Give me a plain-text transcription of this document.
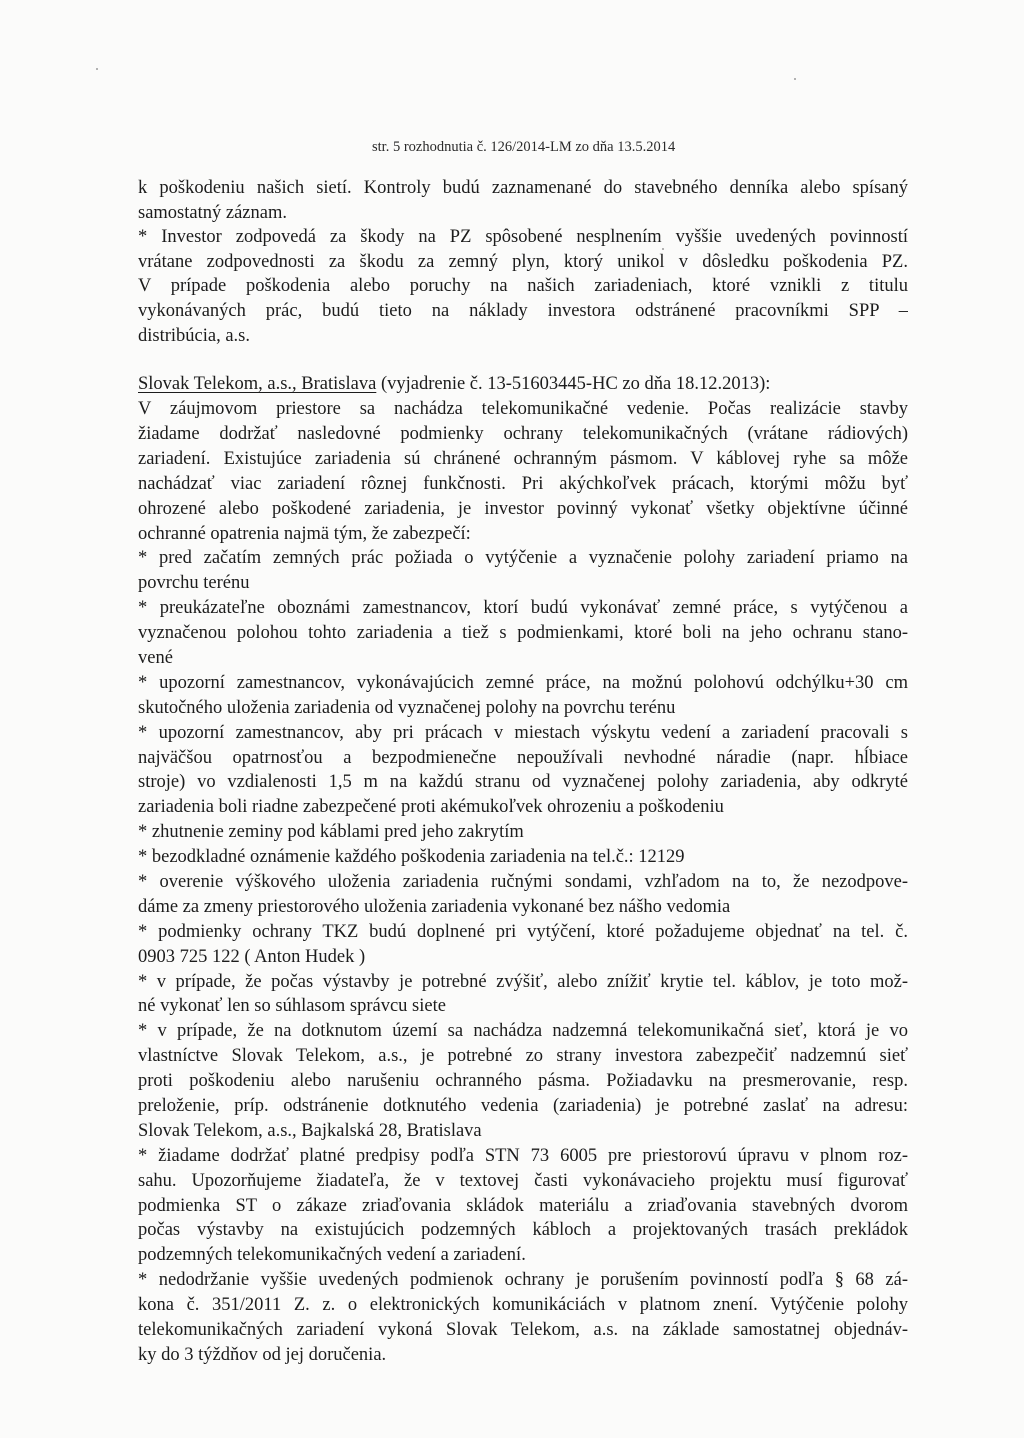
str. 5 rozhodnutia č. 126/2014-LM zo dňa 13.5.2014
k poškodeniu našich sietí. Kontroly budú zaznamenané do stavebného denníka alebo spísaný
samostatný záznam.
* Investor zodpovedá za škody na PZ spôsobené nesplnením vyššie uvedených povinností
vrátane zodpovednosti za škodu za zemný plyn, ktorý unikol v dôsledku poškodenia PZ.
V prípade poškodenia alebo poruchy na našich zariadeniach, ktoré vznikli z titulu
vykonávaných prác, budú tieto na náklady investora odstránené pracovníkmi SPP –
distribúcia, a.s.
Slovak Telekom, a.s., Bratislava (vyjadrenie č. 13-51603445-HC zo dňa 18.12.2013):
V záujmovom priestore sa nachádza telekomunikačné vedenie. Počas realizácie stavby
žiadame dodržať nasledovné podmienky ochrany telekomunikačných (vrátane rádiových)
zariadení. Existujúce zariadenia sú chránené ochranným pásmom. V káblovej ryhe sa môže
nachádzať viac zariadení rôznej funkčnosti. Pri akýchkoľvek prácach, ktorými môžu byť
ohrozené alebo poškodené zariadenia, je investor povinný vykonať všetky objektívne účinné
ochranné opatrenia najmä tým, že zabezpečí:
* pred začatím zemných prác požiada o vytýčenie a vyznačenie polohy zariadení priamo na
povrchu terénu
* preukázateľne oboznámi zamestnancov, ktorí budú vykonávať zemné práce, s vytýčenou a
vyznačenou polohou tohto zariadenia a tiež s podmienkami, ktoré boli na jeho ochranu stano-
vené
* upozorní zamestnancov, vykonávajúcich zemné práce, na možnú polohovú odchýlku+30 cm
skutočného uloženia zariadenia od vyznačenej polohy na povrchu terénu
* upozorní zamestnancov, aby pri prácach v miestach výskytu vedení a zariadení pracovali s
najväčšou opatrnosťou a bezpodmienečne nepoužívali nevhodné náradie (napr. hĺbiace
stroje) vo vzdialenosti 1,5 m na každú stranu od vyznačenej polohy zariadenia, aby odkryté
zariadenia boli riadne zabezpečené proti akémukoľvek ohrozeniu a poškodeniu
* zhutnenie zeminy pod káblami pred jeho zakrytím
* bezodkladné oznámenie každého poškodenia zariadenia na tel.č.: 12129
* overenie výškového uloženia zariadenia ručnými sondami, vzhľadom na to, že nezodpove-
dáme za zmeny priestorového uloženia zariadenia vykonané bez nášho vedomia
* podmienky ochrany TKZ budú doplnené pri vytýčení, ktoré požadujeme objednať na tel. č.
0903 725 122 ( Anton Hudek )
* v prípade, že počas výstavby je potrebné zvýšiť, alebo znížiť krytie tel. káblov, je toto mož-
né vykonať len so súhlasom správcu siete
* v prípade, že na dotknutom území sa nachádza nadzemná telekomunikačná sieť, ktorá je vo
vlastníctve Slovak Telekom, a.s., je potrebné zo strany investora zabezpečiť nadzemnú sieť
proti poškodeniu alebo narušeniu ochranného pásma. Požiadavku na presmerovanie, resp.
preloženie, príp. odstránenie dotknutého vedenia (zariadenia) je potrebné zaslať na adresu:
Slovak Telekom, a.s., Bajkalská 28, Bratislava
* žiadame dodržať platné predpisy podľa STN 73 6005 pre priestorovú úpravu v plnom roz-
sahu. Upozorňujeme žiadateľa, že v textovej časti vykonávacieho projektu musí figurovať
podmienka ST o zákaze zriaďovania skládok materiálu a zriaďovania stavebných dvorom
počas výstavby na existujúcich podzemných kábloch a projektovaných trasách prekládok
podzemných telekomunikačných vedení a zariadení.
* nedodržanie vyššie uvedených podmienok ochrany je porušením povinností podľa § 68 zá-
kona č. 351/2011 Z. z. o elektronických komunikáciách v platnom znení. Vytýčenie polohy
telekomunikačných zariadení vykoná Slovak Telekom, a.s. na základe samostatnej objednáv-
ky do 3 týždňov od jej doručenia.
